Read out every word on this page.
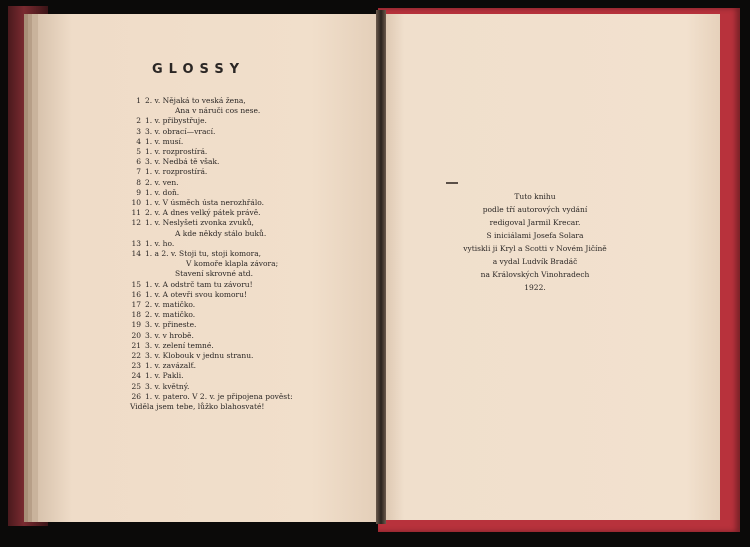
GLOSSY
1 2. v. Nějaká to veská žena,
Ana v náruči cos nese.
2 1. v. přibystřuje.
3 3. v. obrací—vrací.
4 1. v. musí.
5 1. v. rozprostírá.
6 3. v. Nedbá tě však.
7 1. v. rozprostírá.
8 2. v. ven.
9 1. v. doň.
10 1. v. V úsměch ústa nerozhřálo.
11 2. v. A dnes velký pátek právě.
12 1. v. Neslyšeti zvonka zvuků,
A kde někdy stálo buků.
13 1. v. ho.
14 1. a 2. v. Stoji tu, stoji komora,
V komoře klapla závora;
Stavení skrovné atd.
15 1. v. A odstrč tam tu závoru!
16 1. v. A otevři svou komoru!
17 2. v. matičko.
18 2. v. matičko.
19 3. v. přineste.
20 3. v. v hrobě.
21 3. v. zelení temné.
22 3. v. Klobouk v jednu stranu.
23 1. v. zavázalť.
24 1. v. Pakli.
25 3. v. květný.
26 1. v. patero. V 2. v. je připojena pověst:
Viděla jsem tebe, lůžko blahosvaté!
Tuto knihu
podle tří autorových vydání
redigoval Jarmil Krecar.
S iniciálami Josefa Solara
vytiskli ji Kryl a Scotti v Novém Jičíně
a vydal Ludvík Bradáč
na Královských Vinohradech
1922.
